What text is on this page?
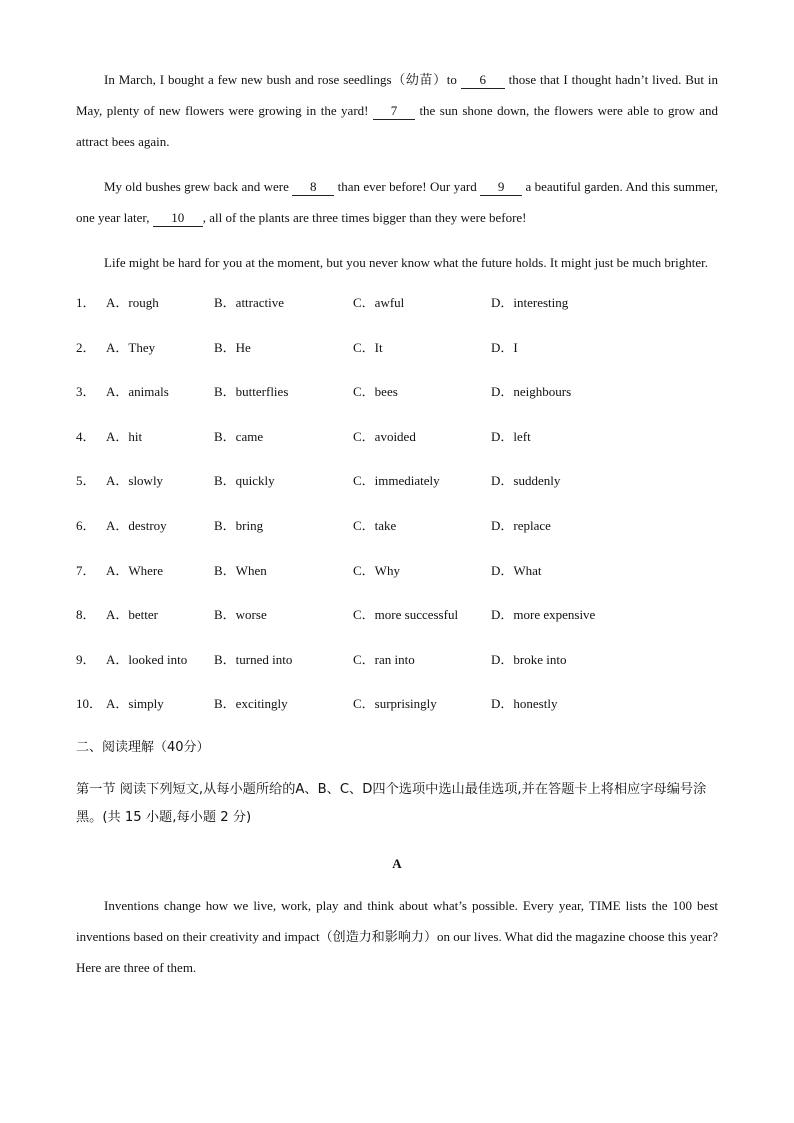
In March, I bought a few new bush and rose seedlings（幼苗）to 6 those that I thought hadn’t lived. But in May, plenty of new flowers were growing in the yard! 7 the sun shone down, the flowers were able to grow and attract bees again.

My old bushes grew back and were 8 than ever before! Our yard 9 a beautiful garden. And this summer, one year later, 10 , all of the plants are three times bigger than they were before!

Life might be hard for you at the moment, but you never know what the future holds. It might just be much brighter.

1． A．rough	B．attractive	C．awful	D．interesting
2． A．They	B．He	C．It	D．I
3． A．animals	B．butterflies	C．bees	D．neighbours
4． A．hit	B．came	C．avoided	D．left
5． A．slowly	B．quickly	C．immediately	D．suddenly
6． A．destroy	B．bring	C．take	D．replace
7． A．Where	B．When	C．Why	D．What
8． A．better	B．worse	C．more successful	D．more expensive
9． A．looked into	B．turned into	C．ran into	D．broke into
10． A．simply	B．excitingly	C．surprisingly	D．honestly

二、阅读理解（40分）

第一节 阅读下列短文,从每小题所给的A、B、C、D四个选项中选山最佳选项,并在答题卡上将相应字母编号涂黑。(共 15 小题,每小题 2 分)

A

Inventions change how we live, work, play and think about what’s possible. Every year, TIME lists the 100 best inventions based on their creativity and impact（创造力和影响力）on our lives. What did the magazine choose this year? Here are three of them.
